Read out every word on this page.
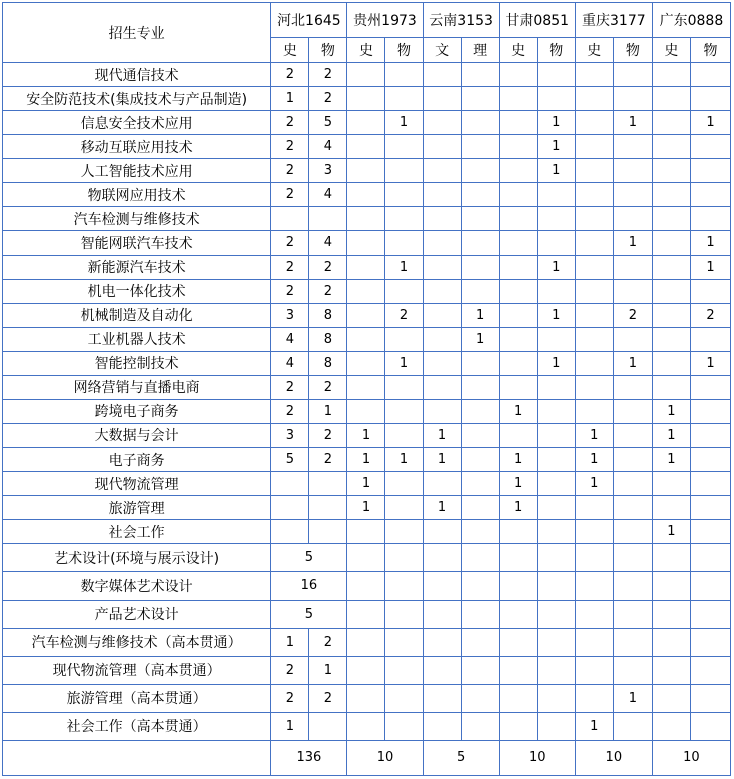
招生专业	河北1645		贵州1973		云南3153		甘肃0851		重庆3177		广东0888	
	史	物	史	物	文	理	史	物	史	物	史	物
现代通信技术	2	2										
安全防范技术(集成技术与产品制造)	1	2										
信息安全技术应用	2	5		1				1		1		1
移动互联应用技术	2	4						1				
人工智能技术应用	2	3						1				
物联网应用技术	2	4										
汽车检测与维修技术												
智能网联汽车技术	2	4								1		1
新能源汽车技术	2	2		1				1				1
机电一体化技术	2	2										
机械制造及自动化	3	8		2		1		1		2		2
工业机器人技术	4	8				1						
智能控制技术	4	8		1				1		1		1
网络营销与直播电商	2	2										
跨境电子商务	2	1					1				1	
大数据与会计	3	2	1		1				1		1	
电子商务	5	2	1	1	1		1		1		1	
现代物流管理			1				1		1			
旅游管理			1		1		1					
社会工作											1	
艺术设计(环境与展示设计)	5											
数字媒体艺术设计	16											
产品艺术设计	5											
汽车检测与维修技术（高本贯通）	1	2										
现代物流管理（高本贯通）	2	1										
旅游管理（高本贯通）	2	2								1		
社会工作（高本贯通）	1								1			
	136		10		5		10		10		10	
